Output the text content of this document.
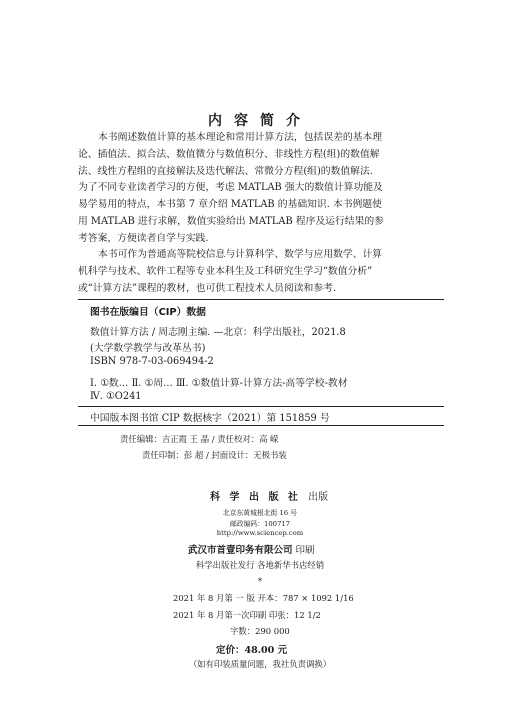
内容简介
本书阐述数值计算的基本理论和常用计算方法，包括误差的基本理
论、插值法、拟合法、数值微分与数值积分、非线性方程(组)的数值解
法、线性方程组的直接解法及迭代解法、常微分方程(组)的数值解法.
为了不同专业读者学习的方便，考虑 MATLAB 强大的数值计算功能及
易学易用的特点，本书第 7 章介绍 MATLAB 的基础知识. 本书例题使
用 MATLAB 进行求解，数值实验给出 MATLAB 程序及运行结果的参
考答案，方便读者自学与实践.
本书可作为普通高等院校信息与计算科学、数学与应用数学、计算
机科学与技术、软件工程等专业本科生及工科研究生学习“数值分析”
或“计算方法”课程的教材，也可供工程技术人员阅读和参考.
图书在版编目（CIP）数据
数值计算方法 / 周志刚主编. —北京：科学出版社，2021.8
(大学数学教学与改革丛书)
ISBN 978-7-03-069494-2
Ⅰ. ①数… Ⅱ. ①周… Ⅲ. ①数值计算-计算方法-高等学校-教材
Ⅳ. ①O241
中国版本图书馆 CIP 数据核字（2021）第 151859 号
责任编辑：吉正霞 王 晶 / 责任校对：高 嵘
责任印制：彭 超 / 封面设计：无极书装
科 学 出 版 社 出版
北京东黄城根北街 16 号
邮政编码：100717
http://www.sciencep.com
武汉市首壹印务有限公司 印刷
科学出版社发行 各地新华书店经销
*
2021 年 8 月第 一 版 开本：787 × 1092 1/16
2021 年 8 月第一次印刷 印张：12 1/2
字数：290 000
定价：48.00 元
（如有印装质量问题，我社负责调换）
